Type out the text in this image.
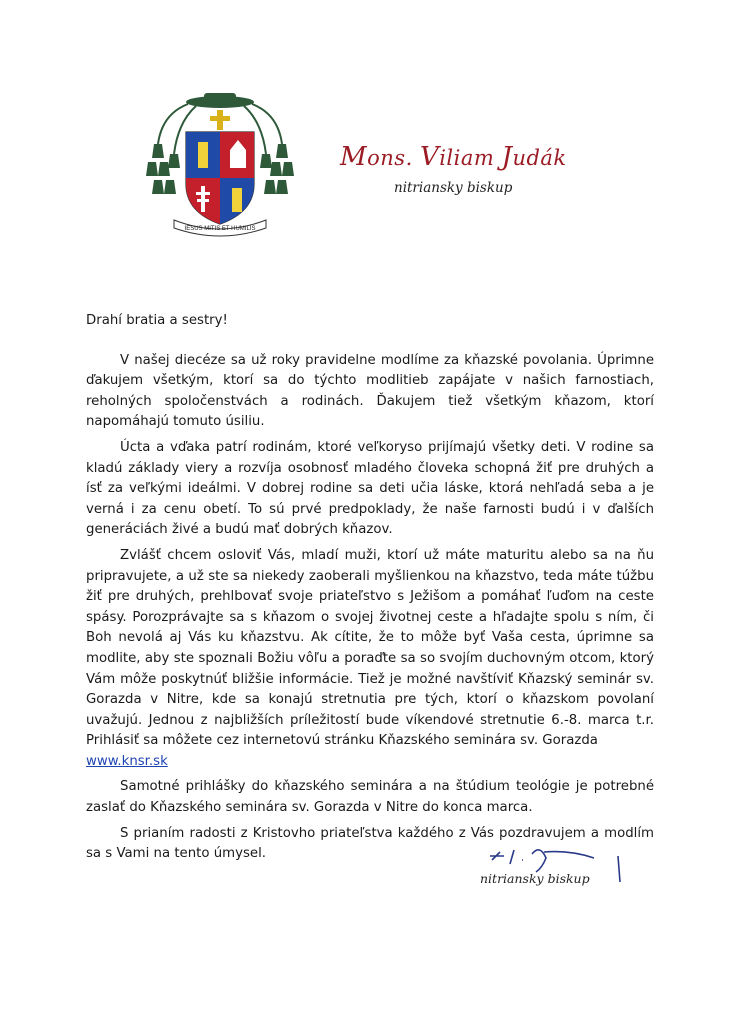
IESUS MITIS ET HUMILIS
Mons. Viliam Judák
nitriansky biskup
Drahí bratia a sestry!

V našej diecéze sa už roky pravidelne modlíme za kňazské povolania. Úprimne ďakujem všetkým, ktorí sa do týchto modlitieb zapájate v našich farnostiach, reholných spoločenstvách a rodinách. Ďakujem tiež všetkým kňazom, ktorí napomáhajú tomuto úsiliu.

Úcta a vďaka patrí rodinám, ktoré veľkoryso prijímajú všetky deti. V rodine sa kladú základy viery a rozvíja osobnosť mladého človeka schopná žiť pre druhých a ísť za veľkými ideálmi. V dobrej rodine sa deti učia láske, ktorá nehľadá seba a je verná i za cenu obetí. To sú prvé predpoklady, že naše farnosti budú i v ďalších generáciách živé a budú mať dobrých kňazov.

Zvlášť chcem osloviť Vás, mladí muži, ktorí už máte maturitu alebo sa na ňu pripravujete, a už ste sa niekedy zaoberali myšlienkou na kňazstvo, teda máte túžbu žiť pre druhých, prehlbovať svoje priateľstvo s Ježišom a pomáhať ľuďom na ceste spásy. Porozprávajte sa s kňazom o svojej životnej ceste a hľadajte spolu s ním, či Boh nevolá aj Vás ku kňazstvu. Ak cítite, že to môže byť Vaša cesta, úprimne sa modlite, aby ste spoznali Božiu vôľu a poraďte sa so svojím duchovným otcom, ktorý Vám môže poskytnúť bližšie informácie. Tiež je možné navštíviť Kňazský seminár sv. Gorazda v Nitre, kde sa konajú stretnutia pre tých, ktorí o kňazskom povolaní uvažujú. Jednou z najbližších príležitostí bude víkendové stretnutie 6.-8. marca t.r. Prihlásiť sa môžete cez internetovú stránku Kňazského seminára sv. Gorazda

www.knsr.sk

Samotné prihlášky do kňazského seminára a na štúdium teológie je potrebné zaslať do Kňazského seminára sv. Gorazda v Nitre do konca marca.

S prianím radosti z Kristovho priateľstva každého z Vás pozdravujem a modlím sa s Vami na tento úmysel.

nitriansky biskup
